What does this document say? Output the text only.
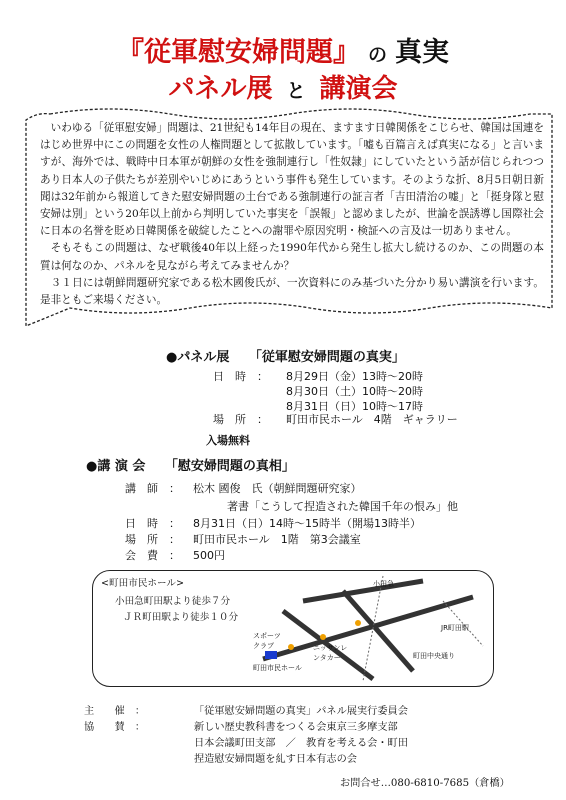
『従軍慰安婦問題』 の 真実
パネル展 と 講演会

いわゆる「従軍慰安婦」問題は、21世紀も14年目の現在、ますます日韓関係をこじらせ、韓国は国連をはじめ世界中にこの問題を女性の人権問題として拡散しています。「嘘も百篇言えば真実になる」と言いますが、海外では、戦時中日本軍が朝鮮の女性を強制連行し「性奴隷」にしていたという話が信じられつつあり日本人の子供たちが差別やいじめにあうという事件も発生しています。そのような折、8月5日朝日新聞は32年前から報道してきた慰安婦問題の土台である強制連行の証言者「吉田清治の嘘」と「挺身隊と慰安婦は別」という20年以上前から判明していた事実を「誤報」と認めましたが、世論を誤誘導し国際社会に日本の名誉を貶め日韓関係を破綻したことへの謝罪や原因究明・検証への言及は一切ありません。

そもそもこの問題は、なぜ戦後40年以上経った1990年代から発生し拡大し続けるのか、この問題の本質は何なのか、パネルを見ながら考えてみませんか？

３１日には朝鮮問題研究家である松木國俊氏が、一次資料にのみ基づいた分かり易い講演を行います。是非ともご来場ください。

●パネル展　　 「従軍慰安婦問題の真実」
日　時　： 8月29日（金）13時～20時
8月30日（土）10時～20時
8月31日（日）10時～17時
場　所　： 町田市民ホール　4階　ギャラリー
入場無料
●講 演 会　　 「慰安婦問題の真相」
講　師　： 松木 國俊　氏（朝鮮問題研究家）
著書「こうして捏造された韓国千年の恨み」他
日　時　： 8月31日（日）14時～15時半（開場13時半）
場　所　： 町田市民ホール　1階　第3会議室
会　費　： 500円
<町田市民ホール>
小田急町田駅より徒歩７分
ＪＲ町田駅より徒歩１０分
町田市民ホール
スポーツクラブ	ニッサンレンタカー
小田急
JR町田駅
町田中央通り
主　　催　：	「従軍慰安婦問題の真実」パネル展実行委員会
協　　賛　：	新しい歴史教科書をつくる会東京三多摩支部
日本会議町田支部　／　教育を考える会・町田
捏造慰安婦問題を糺す日本有志の会
お問合せ…080-6810-7685（倉橋）
